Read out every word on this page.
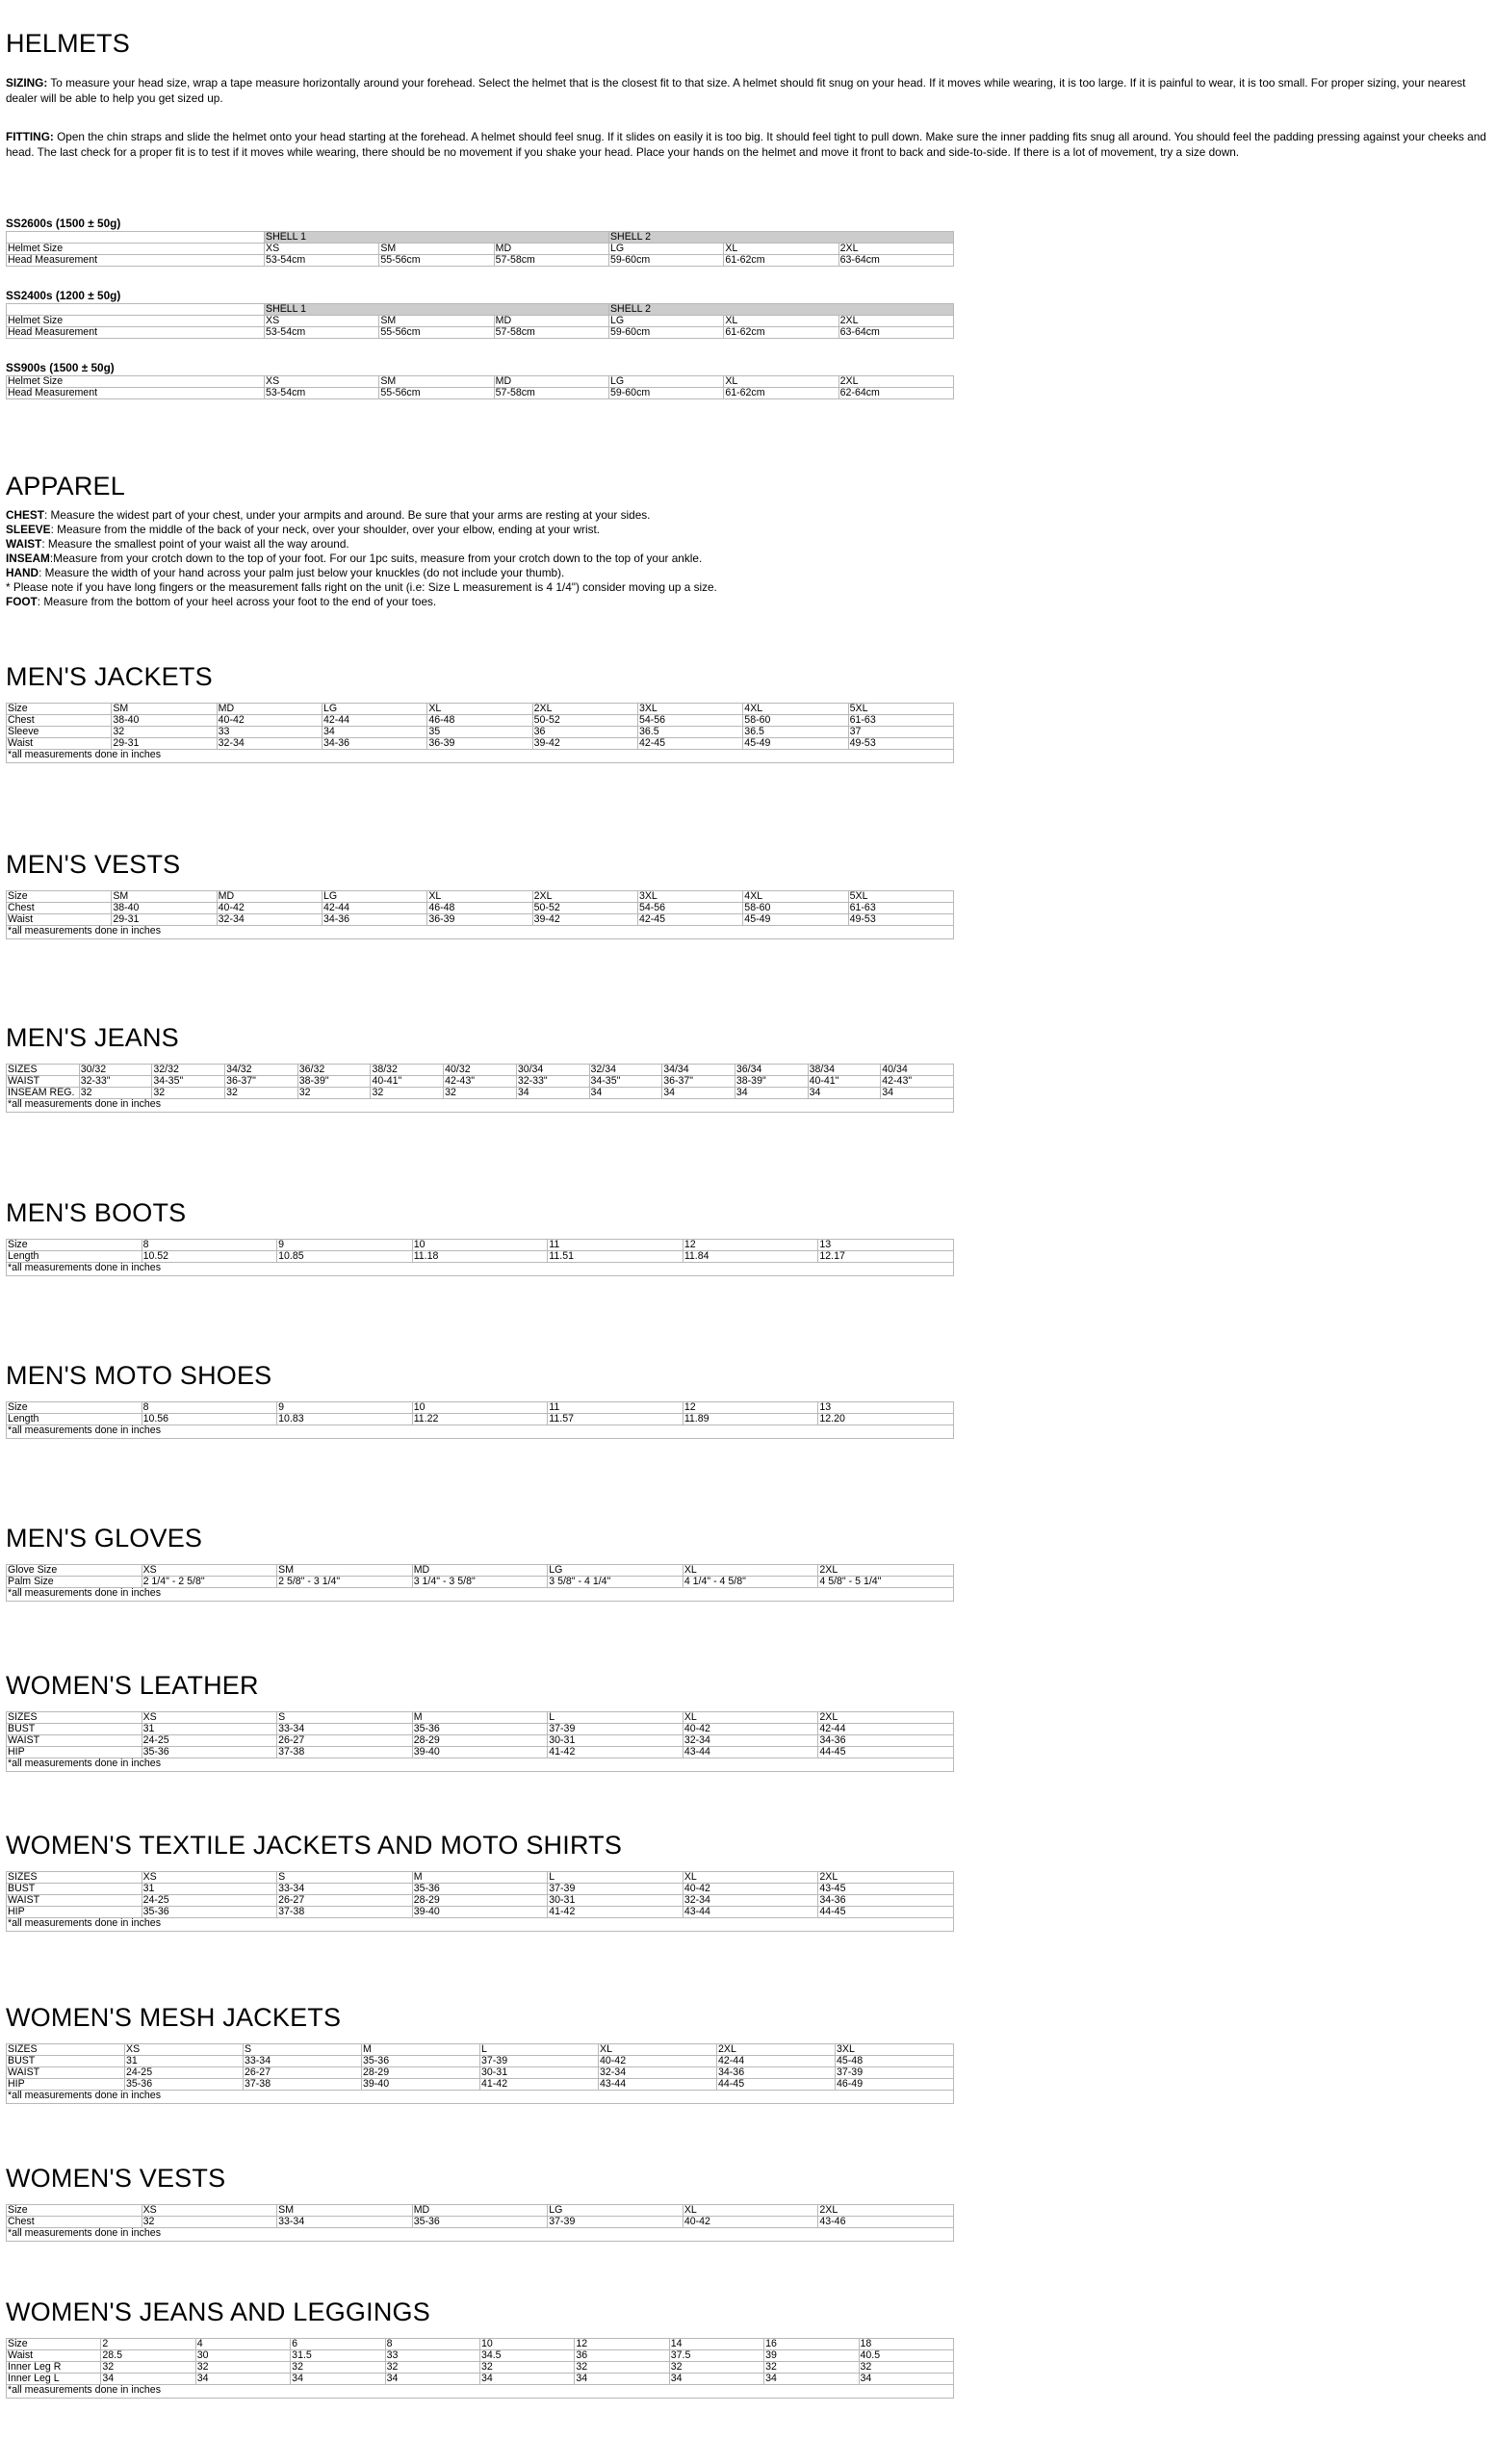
HELMETS

SIZING: To measure your head size, wrap a tape measure horizontally around your forehead. Select the helmet that is the closest fit to that size. A helmet should fit snug on your head. If it moves while wearing, it is too large. If it is painful to wear, it is too small. For proper sizing, your nearest dealer will be able to help you get sized up.

FITTING: Open the chin straps and slide the helmet onto your head starting at the forehead. A helmet should feel snug. If it slides on easily it is too big. It should feel tight to pull down. Make sure the inner padding fits snug all around. You should feel the padding pressing against your cheeks and head. The last check for a proper fit is to test if it moves while wearing, there should be no movement if you shake your head. Place your hands on the helmet and move it front to back and side-to-side. If there is a lot of movement, try a size down.

SS2600s (1500 ± 50g)
	SHELL 1			SHELL 2		
Helmet Size	XS	SM	MD	LG	XL	2XL
Head Measurement	53-54cm	55-56cm	57-58cm	59-60cm	61-62cm	63-64cm
SS2400s (1200 ± 50g)
	SHELL 1			SHELL 2		
Helmet Size	XS	SM	MD	LG	XL	2XL
Head Measurement	53-54cm	55-56cm	57-58cm	59-60cm	61-62cm	63-64cm
SS900s (1500 ± 50g)
Helmet Size	XS	SM	MD	LG	XL	2XL
Head Measurement	53-54cm	55-56cm	57-58cm	59-60cm	61-62cm	62-64cm
APPAREL
CHEST: Measure the widest part of your chest, under your armpits and around. Be sure that your arms are resting at your sides.
SLEEVE: Measure from the middle of the back of your neck, over your shoulder, over your elbow, ending at your wrist.
WAIST: Measure the smallest point of your waist all the way around.
INSEAM:Measure from your crotch down to the top of your foot. For our 1pc suits, measure from your crotch down to the top of your ankle.
HAND: Measure the width of your hand across your palm just below your knuckles (do not include your thumb).
* Please note if you have long fingers or the measurement falls right on the unit (i.e: Size L measurement is 4 1/4") consider moving up a size.
FOOT: Measure from the bottom of your heel across your foot to the end of your toes.
MEN'S JACKETS
Size	SM	MD	LG	XL	2XL	3XL	4XL	5XL
Chest	38-40	40-42	42-44	46-48	50-52	54-56	58-60	61-63
Sleeve	32	33	34	35	36	36.5	36.5	37
Waist	29-31	32-34	34-36	36-39	39-42	42-45	45-49	49-53
*all measurements done in inches								
MEN'S VESTS
Size	SM	MD	LG	XL	2XL	3XL	4XL	5XL
Chest	38-40	40-42	42-44	46-48	50-52	54-56	58-60	61-63
Waist	29-31	32-34	34-36	36-39	39-42	42-45	45-49	49-53
*all measurements done in inches								
MEN'S JEANS
SIZES	30/32	32/32	34/32	36/32	38/32	40/32	30/34	32/34	34/34	36/34	38/34	40/34
WAIST	32-33"	34-35"	36-37"	38-39"	40-41"	42-43"	32-33"	34-35"	36-37"	38-39"	40-41"	42-43"
INSEAM REG.	32	32	32	32	32	32	34	34	34	34	34	34
*all measurements done in inches												
MEN'S BOOTS
Size	8	9	10	11	12	13
Length	10.52	10.85	11.18	11.51	11.84	12.17
*all measurements done in inches						
MEN'S MOTO SHOES
Size	8	9	10	11	12	13
Length	10.56	10.83	11.22	11.57	11.89	12.20
*all measurements done in inches						
MEN'S GLOVES
Glove Size	XS	SM	MD	LG	XL	2XL
Palm Size	2 1/4" - 2 5/8"	2 5/8" - 3 1/4"	3 1/4" - 3 5/8"	3 5/8" - 4 1/4"	4 1/4" - 4 5/8"	4 5/8" - 5 1/4"
*all measurements done in inches						
WOMEN'S LEATHER
SIZES	XS	S	M	L	XL	2XL
BUST	31	33-34	35-36	37-39	40-42	42-44
WAIST	24-25	26-27	28-29	30-31	32-34	34-36
HIP	35-36	37-38	39-40	41-42	43-44	44-45
*all measurements done in inches						
WOMEN'S TEXTILE JACKETS AND MOTO SHIRTS
SIZES	XS	S	M	L	XL	2XL
BUST	31	33-34	35-36	37-39	40-42	43-45
WAIST	24-25	26-27	28-29	30-31	32-34	34-36
HIP	35-36	37-38	39-40	41-42	43-44	44-45
*all measurements done in inches						
WOMEN'S MESH JACKETS
SIZES	XS	S	M	L	XL	2XL	3XL
BUST	31	33-34	35-36	37-39	40-42	42-44	45-48
WAIST	24-25	26-27	28-29	30-31	32-34	34-36	37-39
HIP	35-36	37-38	39-40	41-42	43-44	44-45	46-49
*all measurements done in inches							
WOMEN'S VESTS
Size	XS	SM	MD	LG	XL	2XL
Chest	32	33-34	35-36	37-39	40-42	43-46
*all measurements done in inches						
WOMEN'S JEANS AND LEGGINGS
Size	2	4	6	8	10	12	14	16	18
Waist	28.5	30	31.5	33	34.5	36	37.5	39	40.5
Inner Leg R	32	32	32	32	32	32	32	32	32
Inner Leg L	34	34	34	34	34	34	34	34	34
*all measurements done in inches									
